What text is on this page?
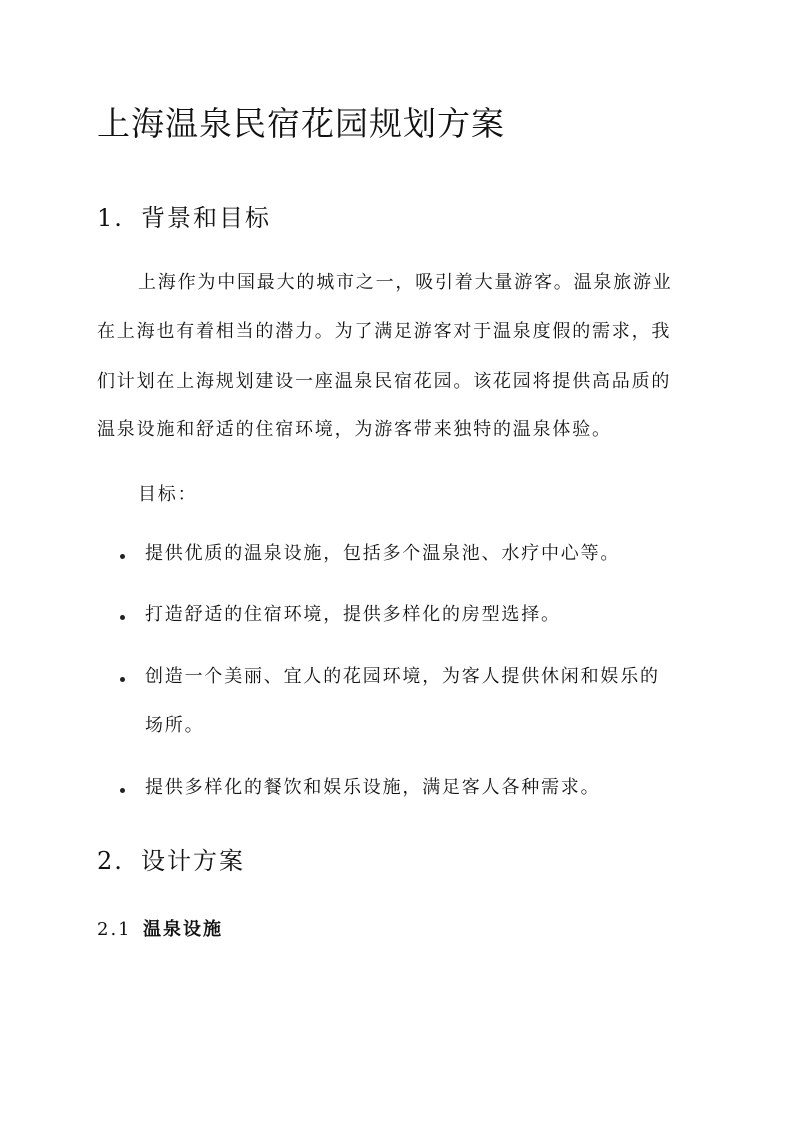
上海温泉民宿花园规划方案
1. 背景和目标
上海作为中国最大的城市之一，吸引着大量游客。温泉旅游业
在上海也有着相当的潜力。为了满足游客对于温泉度假的需求，我
们计划在上海规划建设一座温泉民宿花园。该花园将提供高品质的
温泉设施和舒适的住宿环境，为游客带来独特的温泉体验。
目标：
提供优质的温泉设施，包括多个温泉池、水疗中心等。
打造舒适的住宿环境，提供多样化的房型选择。
创造一个美丽、宜人的花园环境，为客人提供休闲和娱乐的
场所。
提供多样化的餐饮和娱乐设施，满足客人各种需求。
2. 设计方案
2.1 温泉设施
